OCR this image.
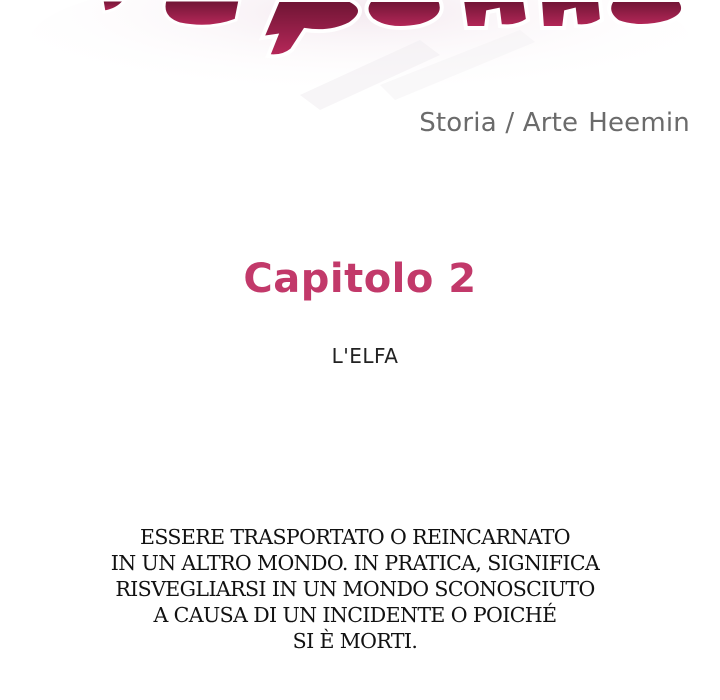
Storia / Arte Heemin
Capitolo 2
L'ELFA
ESSERE TRASPORTATO O REINCARNATO
IN UN ALTRO MONDO. IN PRATICA, SIGNIFICA
RISVEGLIARSI IN UN MONDO SCONOSCIUTO
A CAUSA DI UN INCIDENTE O POICHÉ
SI È MORTI.
